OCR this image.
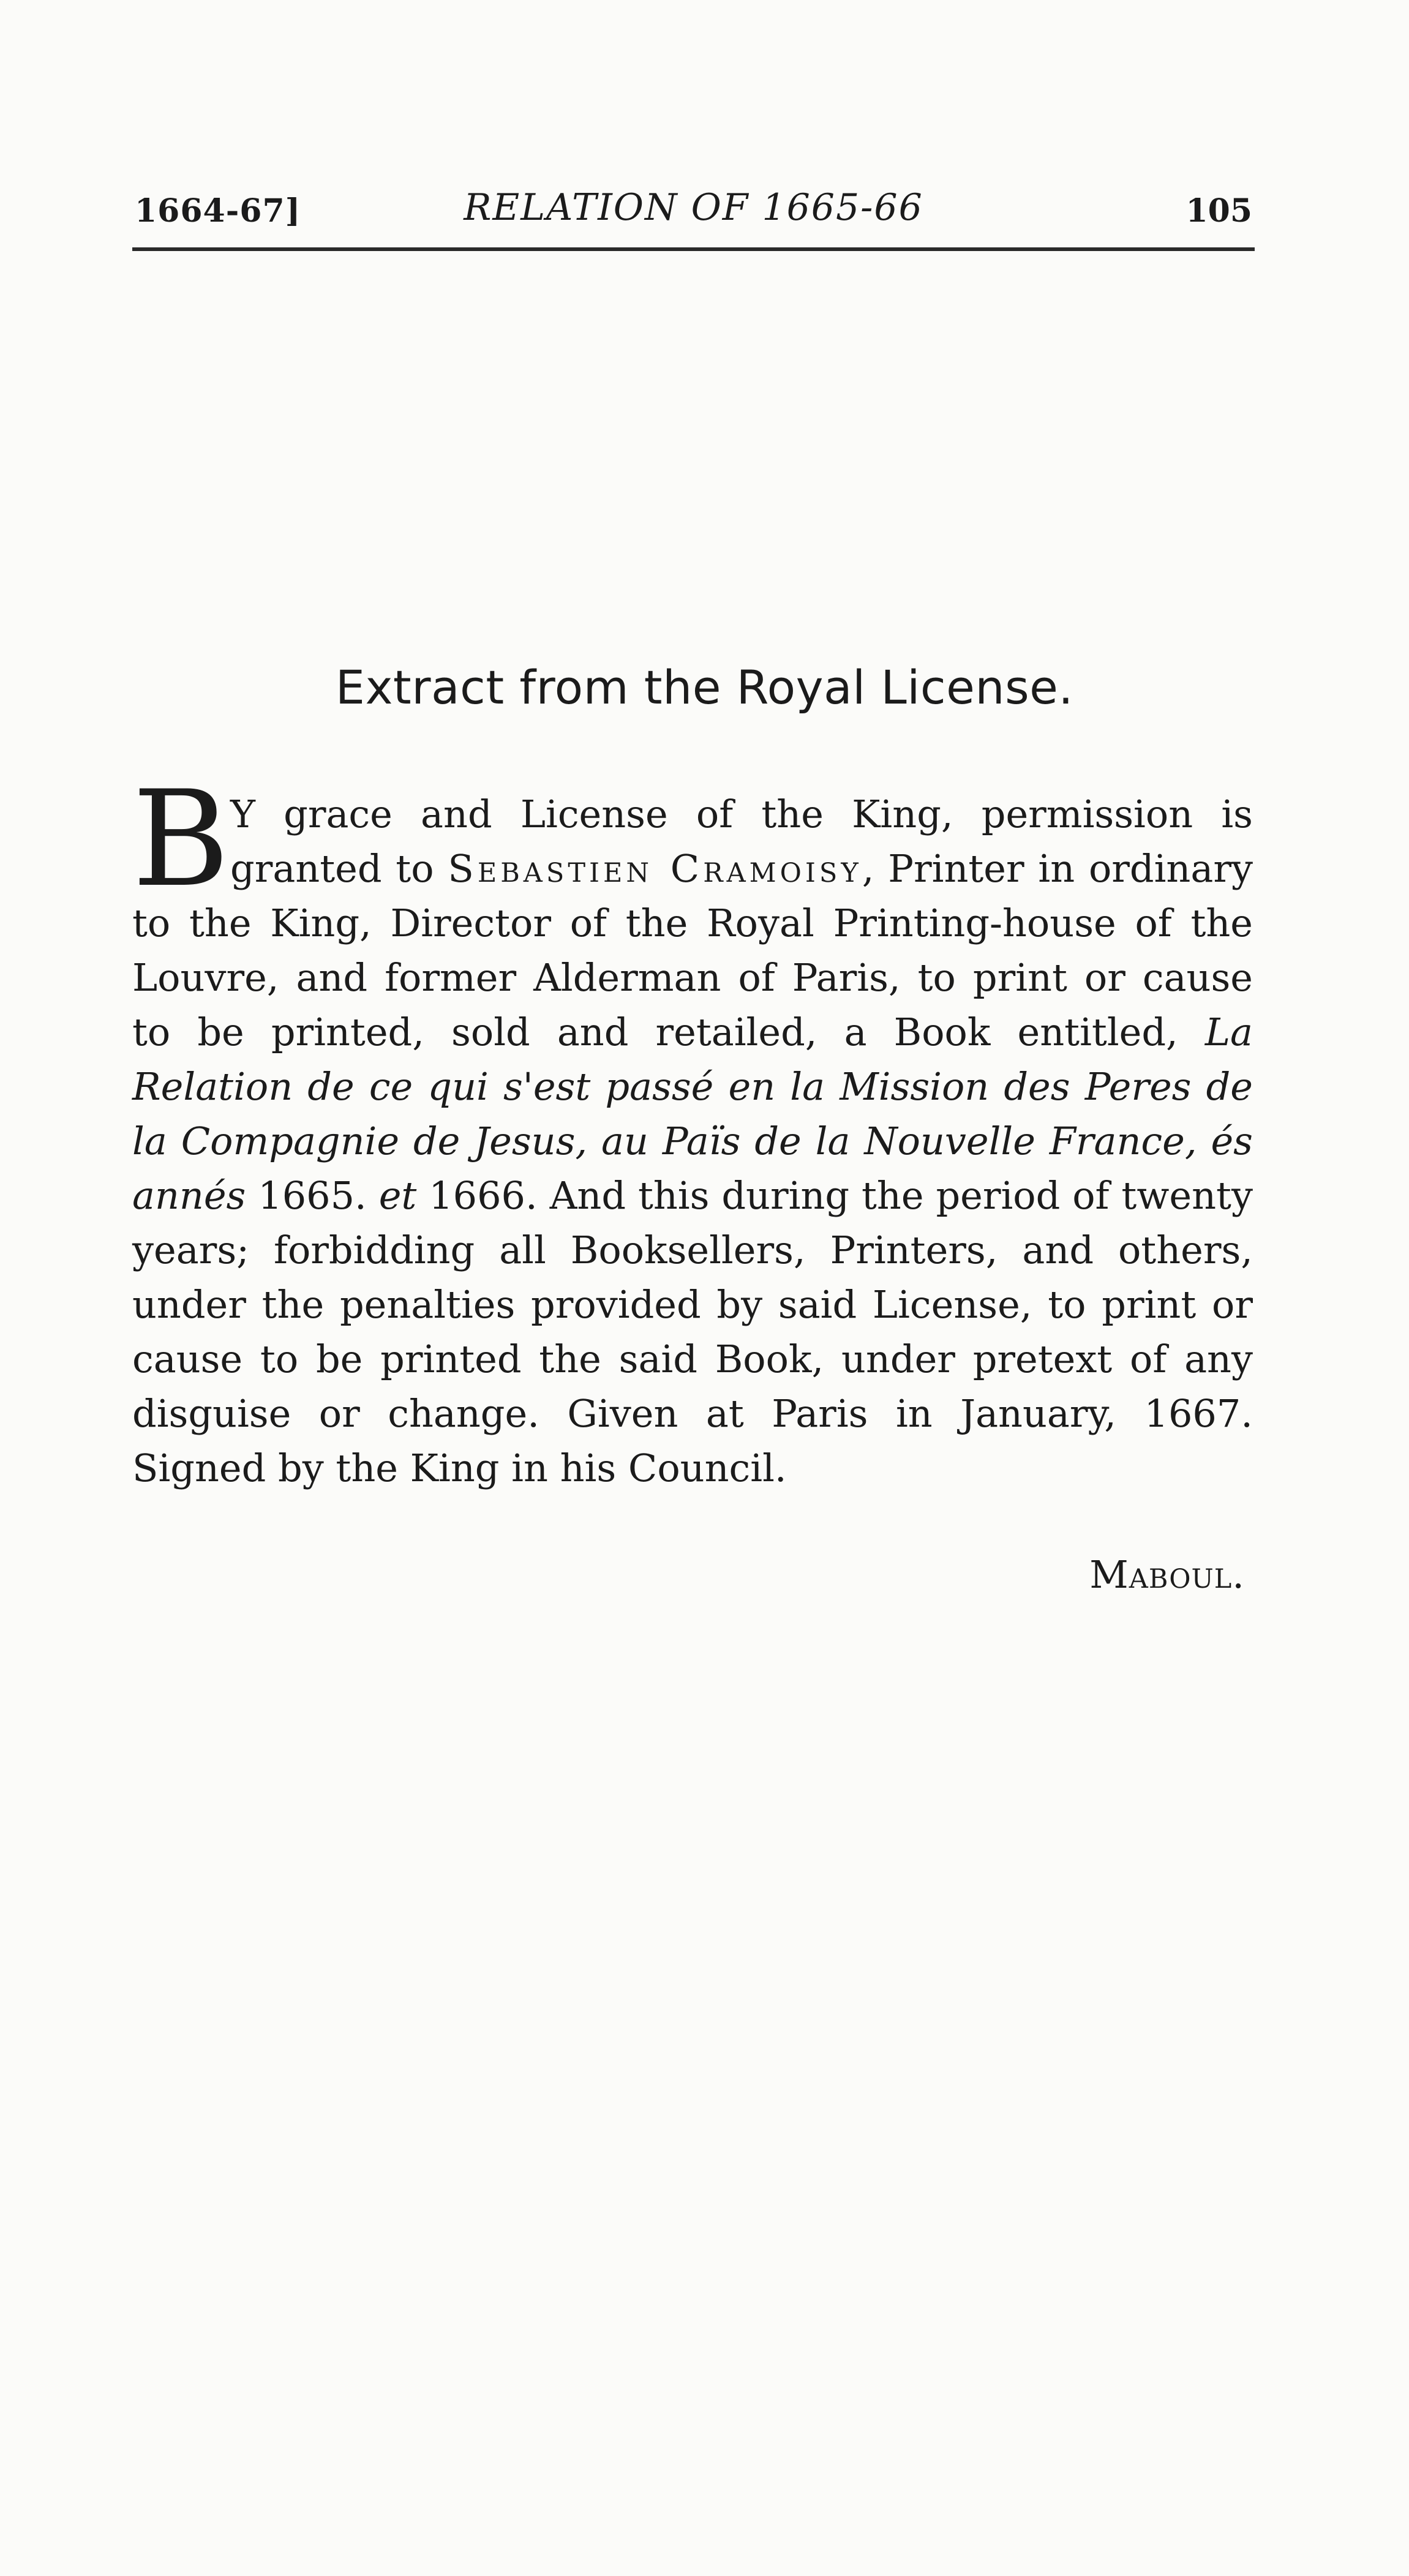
1664-67]	RELATION OF 1665-66	105
Extract from the Royal License.
B Y grace and License of the King, permission is granted to Sebastien Cramoisy, Printer in ordinary to the King, Director of the Royal Printing-house of the Louvre, and former Alderman of Paris, to print or cause to be printed, sold and retailed, a Book entitled, La Relation de ce qui s'est passé en la Mission des Peres de la Compagnie de Jesus, au Païs de la Nouvelle France, és annés 1665. et 1666. And this during the period of twenty years; forbidding all Booksellers, Printers, and others, under the penalties provided by said License, to print or cause to be printed the said Book, under pretext of any disguise or change. Given at Paris in January, 1667. Signed by the King in his Council.
Maboul.
